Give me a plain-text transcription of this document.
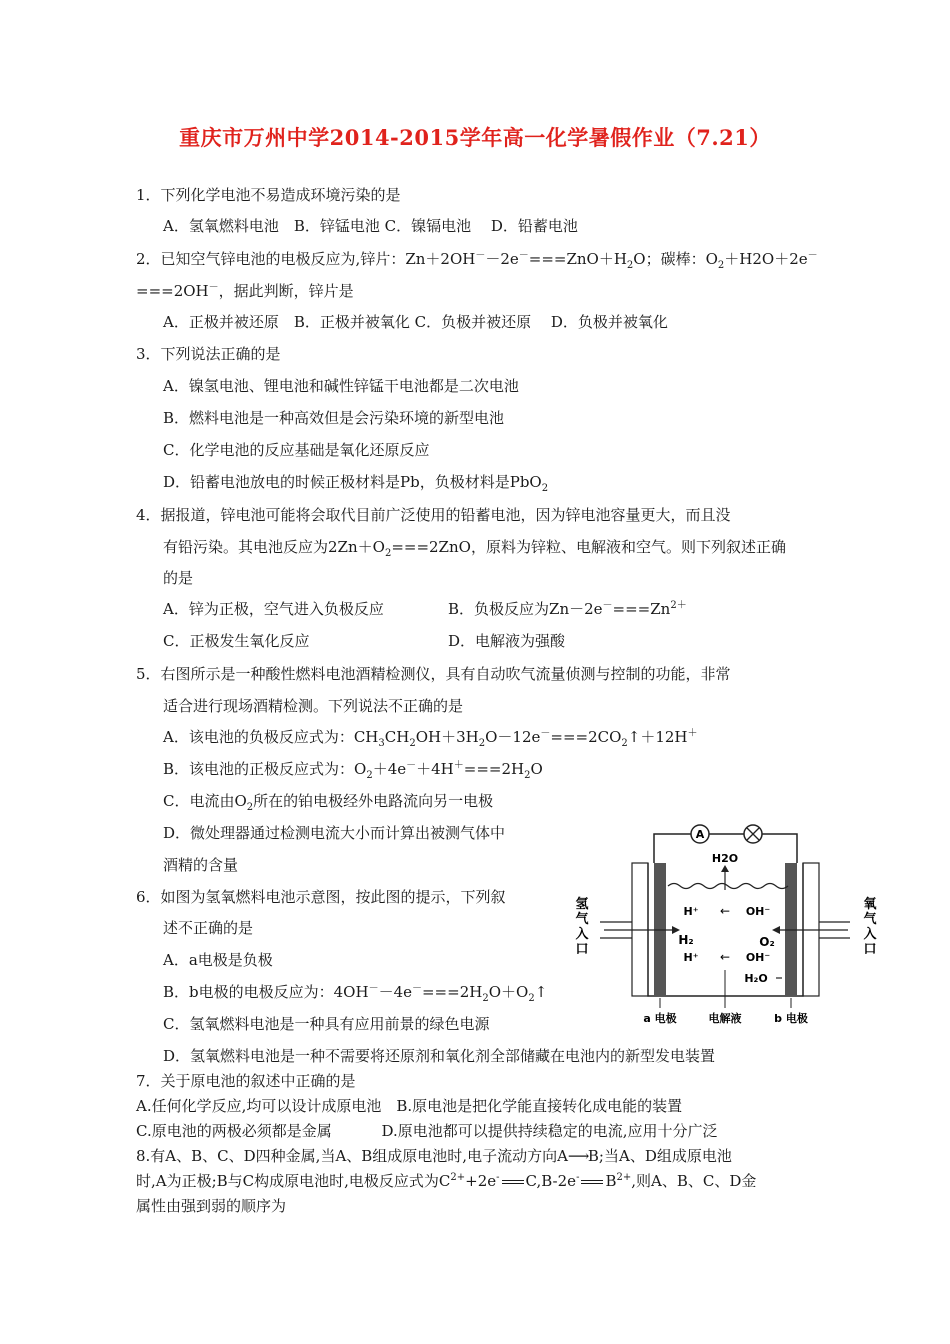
重庆市万州中学2014-2015学年高一化学暑假作业（7.21）
1．下列化学电池不易造成环境污染的是
A．氢氧燃料电池　B．锌锰电池 C．镍镉电池　 D．铅蓄电池
2．已知空气锌电池的电极反应为,锌片：$Zn+2OH^--2e^-===ZnO+H_2O$；碳棒：$O_2+H2O+2e^-$
===2OH－，据此判断，锌片是
A．正极并被还原　B．正极并被氧化 C．负极并被还原　 D．负极并被氧化
3．下列说法正确的是
A．镍氢电池、锂电池和碱性锌锰干电池都是二次电池
B．燃料电池是一种高效但是会污染环境的新型电池
C．化学电池的反应基础是氧化还原反应
D．铅蓄电池放电的时候正极材料是Pb，负极材料是PbO$_2$
4．据报道，锌电池可能将会取代目前广泛使用的铅蓄电池，因为锌电池容量更大，而且没
有铅污染。其电池反应为$2Zn+O_2===2ZnO$，原料为锌粒、电解液和空气。则下列叙述正确
的是
A．锌为正极，空气进入负极反应	B．负极反应为$Zn-2e^-===Zn^{2+}$
C．正极发生氧化反应	D．电解液为强酸
5．右图所示是一种酸性燃料电池酒精检测仪，具有自动吹气流量侦测与控制的功能，非常
适合进行现场酒精检测。下列说法不正确的是
A．该电池的负极反应式为：$CH_3CH_2OH+3H_2O-12e^-===2CO_2↑+12H^+$
B．该电池的正极反应式为：$O_2+4e^-+4H^+===2H_2O$
C．电流由$O_2$所在的铂电极经外电路流向另一电极
D．微处理器通过检测电流大小而计算出被测气体中
酒精的含量
6．如图为氢氧燃料电池示意图，按此图的提示，下列叙
述不正确的是
A．a电极是负极
B．b电极的电极反应为：$4OH^--4e^-===2H_2O+O_2↑$
C．氢氧燃料电池是一种具有应用前景的绿色电源
D．氢氧燃料电池是一种不需要将还原剂和氧化剂全部储藏在电池内的新型发电装置
7．关于原电池的叙述中正确的是
A.任何化学反应,均可以设计成原电池　B.原电池是把化学能直接转化成电能的装置
C.原电池的两极必须都是金属　　　 D.原电池都可以提供持续稳定的电流,应用十分广泛
8.有A、B、C、D四种金属,当A、B组成原电池时,电子流动方向A⟶B;当A、D组成原电池
时,A为正极;B与C构成原电池时,电极反应式为$C^{2+}+2e^-$ C,B-2e- $B^{2+}$,则A、B、C、D金
属性由强到弱的顺序为
A
H2O
H⁺ ← OH⁻
H₂	O₂
H⁺ ← OH⁻
H₂O
a 电极	电解液	b 电极
氢气入口
氧气入口
